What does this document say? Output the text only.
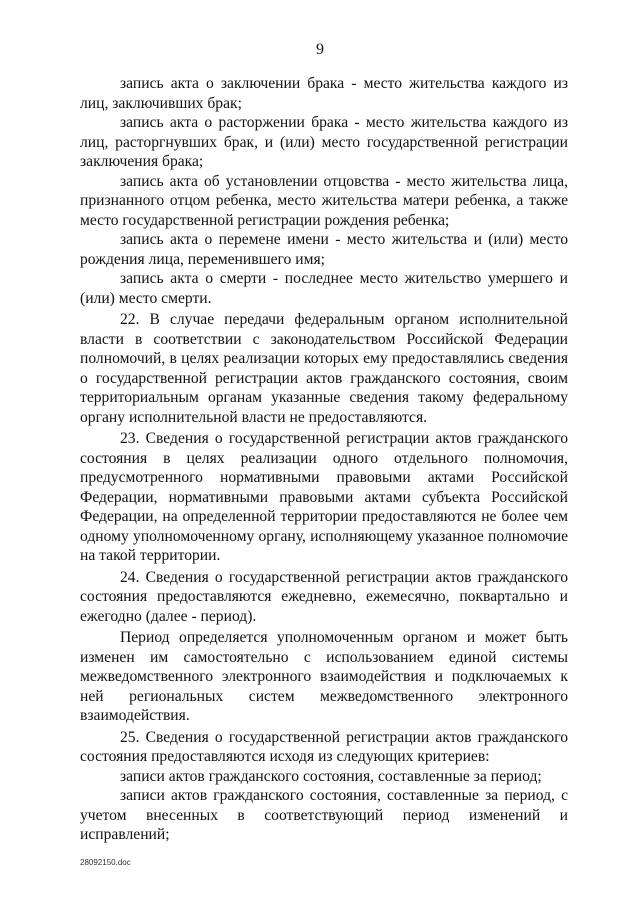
9

запись акта о заключении брака - место жительства каждого из лиц, заключивших брак;

запись акта о расторжении брака - место жительства каждого из лиц, расторгнувших брак, и (или) место государственной регистрации заключения брака;

запись акта об установлении отцовства - место жительства лица, признанного отцом ребенка, место жительства матери ребенка, а также место государственной регистрации рождения ребенка;

запись акта о перемене имени - место жительства и (или) место рождения лица, переменившего имя;

запись акта о смерти - последнее место жительство умершего и (или) место смерти.

22. В случае передачи федеральным органом исполнительной власти в соответствии с законодательством Российской Федерации полномочий, в целях реализации которых ему предоставлялись сведения о государственной регистрации актов гражданского состояния, своим территориальным органам указанные сведения такому федеральному органу исполнительной власти не предоставляются.

23. Сведения о государственной регистрации актов гражданского состояния в целях реализации одного отдельного полномочия, предусмотренного нормативными правовыми актами Российской Федерации, нормативными правовыми актами субъекта Российской Федерации, на определенной территории предоставляются не более чем одному уполномоченному органу, исполняющему указанное полномочие на такой территории.

24. Сведения о государственной регистрации актов гражданского состояния предоставляются ежедневно, ежемесячно, поквартально и ежегодно (далее - период).

Период определяется уполномоченным органом и может быть изменен им самостоятельно с использованием единой системы межведомственного электронного взаимодействия и подключаемых к ней региональных систем межведомственного электронного взаимодействия.

25. Сведения о государственной регистрации актов гражданского состояния предоставляются исходя из следующих критериев:

записи актов гражданского состояния, составленные за период;

записи актов гражданского состояния, составленные за период, с учетом внесенных в соответствующий период изменений и исправлений;

28092150.doc
